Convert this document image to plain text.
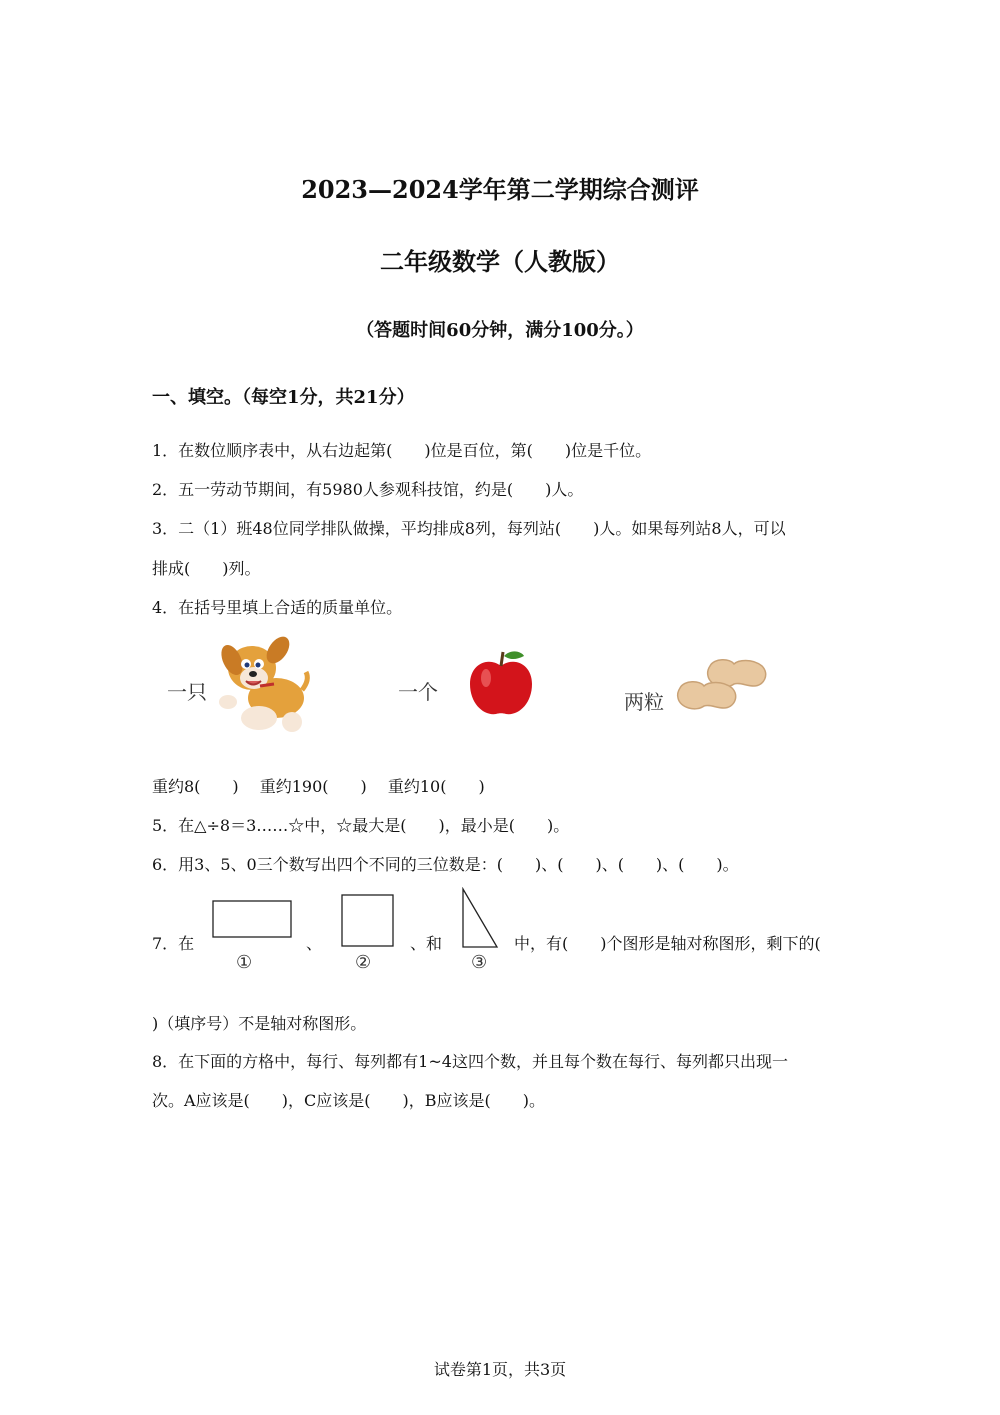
2023—2024学年第二学期综合测评
二年级数学（人教版）
（答题时间60分钟，满分100分。）
一、填空。（每空1分，共21分）
1．在数位顺序表中，从右边起第(　　)位是百位，第(　　)位是千位。
2．五一劳动节期间，有5980人参观科技馆，约是(　　)人。
3．二（1）班48位同学排队做操，平均排成8列，每列站(　　)人。如果每列站8人，可以
排成(　　)列。
4．在括号里填上合适的质量单位。
一只	一个	两粒
重约8(　　)　 重约190(　　)　 重约10(　　)
5．在△÷8＝3……☆中，☆最大是(　　)，最小是(　　)。
6．用3、5、0三个数写出四个不同的三位数是：(　　)、(　　)、(　　)、(　　)。
7．在
①
、
②
、和
③
中，有(　　)个图形是轴对称图形，剩下的(
)（填序号）不是轴对称图形。
8．在下面的方格中，每行、每列都有1~4这四个数，并且每个数在每行、每列都只出现一
次。A应该是(　　)，C应该是(　　)，B应该是(　　)。
试卷第1页，共3页
